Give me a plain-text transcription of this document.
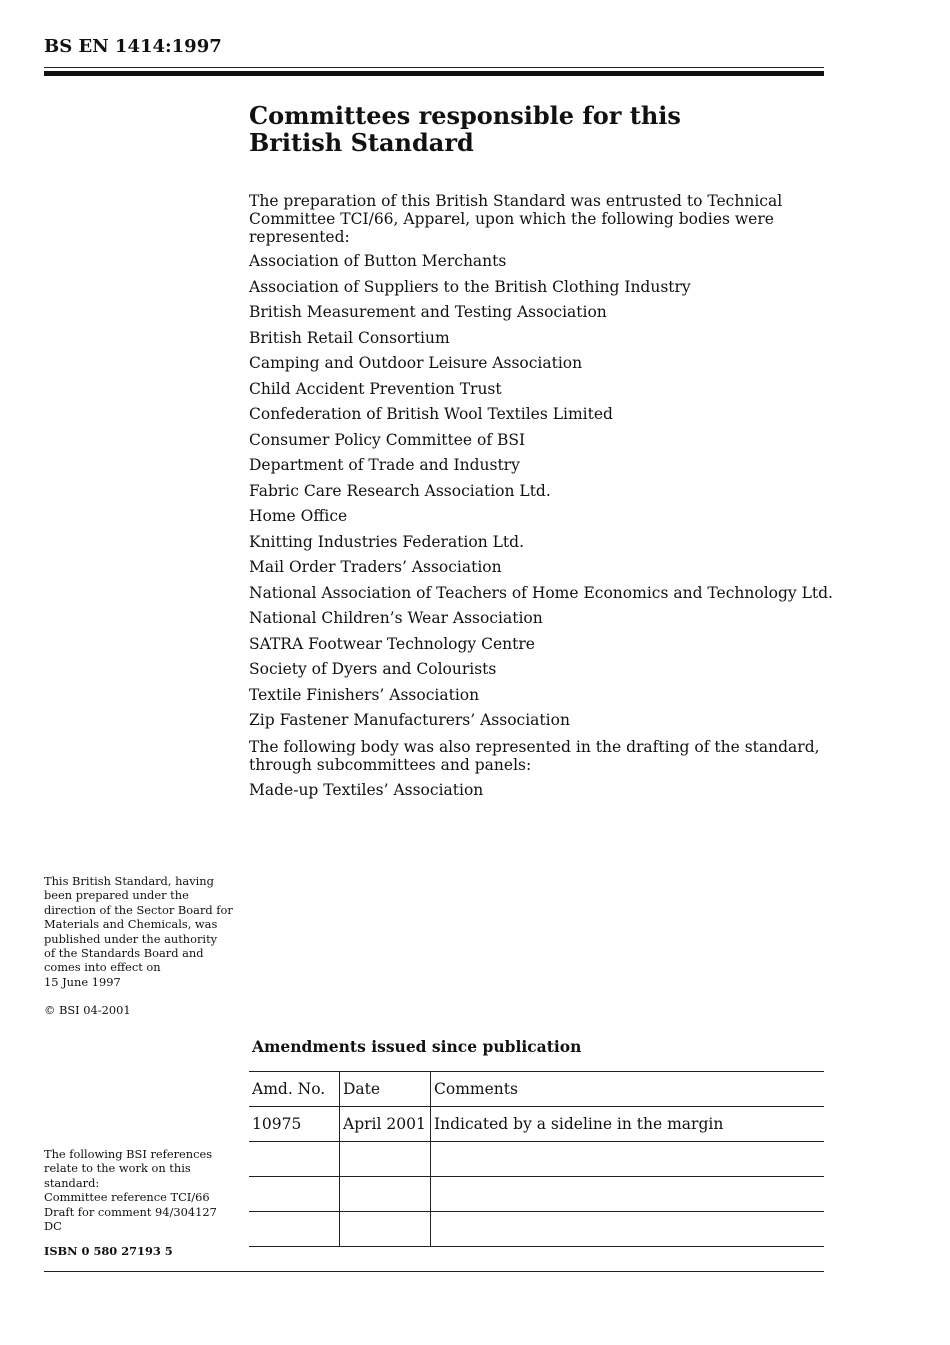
BS EN 1414:1997
Committees responsible for this
British Standard

The preparation of this British Standard was entrusted to Technical
Committee TCI/66, Apparel, upon which the following bodies were
represented:

Association of Button Merchants
Association of Suppliers to the British Clothing Industry
British Measurement and Testing Association
British Retail Consortium
Camping and Outdoor Leisure Association
Child Accident Prevention Trust
Confederation of British Wool Textiles Limited
Consumer Policy Committee of BSI
Department of Trade and Industry
Fabric Care Research Association Ltd.
Home Office
Knitting Industries Federation Ltd.
Mail Order Traders’ Association
National Association of Teachers of Home Economics and Technology Ltd.
National Children’s Wear Association
SATRA Footwear Technology Centre
Society of Dyers and Colourists
Textile Finishers’ Association
Zip Fastener Manufacturers’ Association

The following body was also represented in the drafting of the standard,
through subcommittees and panels:

Made-up Textiles’ Association

This British Standard, having
been prepared under the
direction of the Sector Board for
Materials and Chemicals, was
published under the authority
of the Standards Board and
comes into effect on
15 June 1997

© BSI 04-2001
Amendments issued since publication
Amd. No.	Date	Comments
10975	April 2001	Indicated by a sideline in the margin

The following BSI references
relate to the work on this
standard:
Committee reference TCI/66
Draft for comment 94/304127
DC

ISBN 0 580 27193 5
